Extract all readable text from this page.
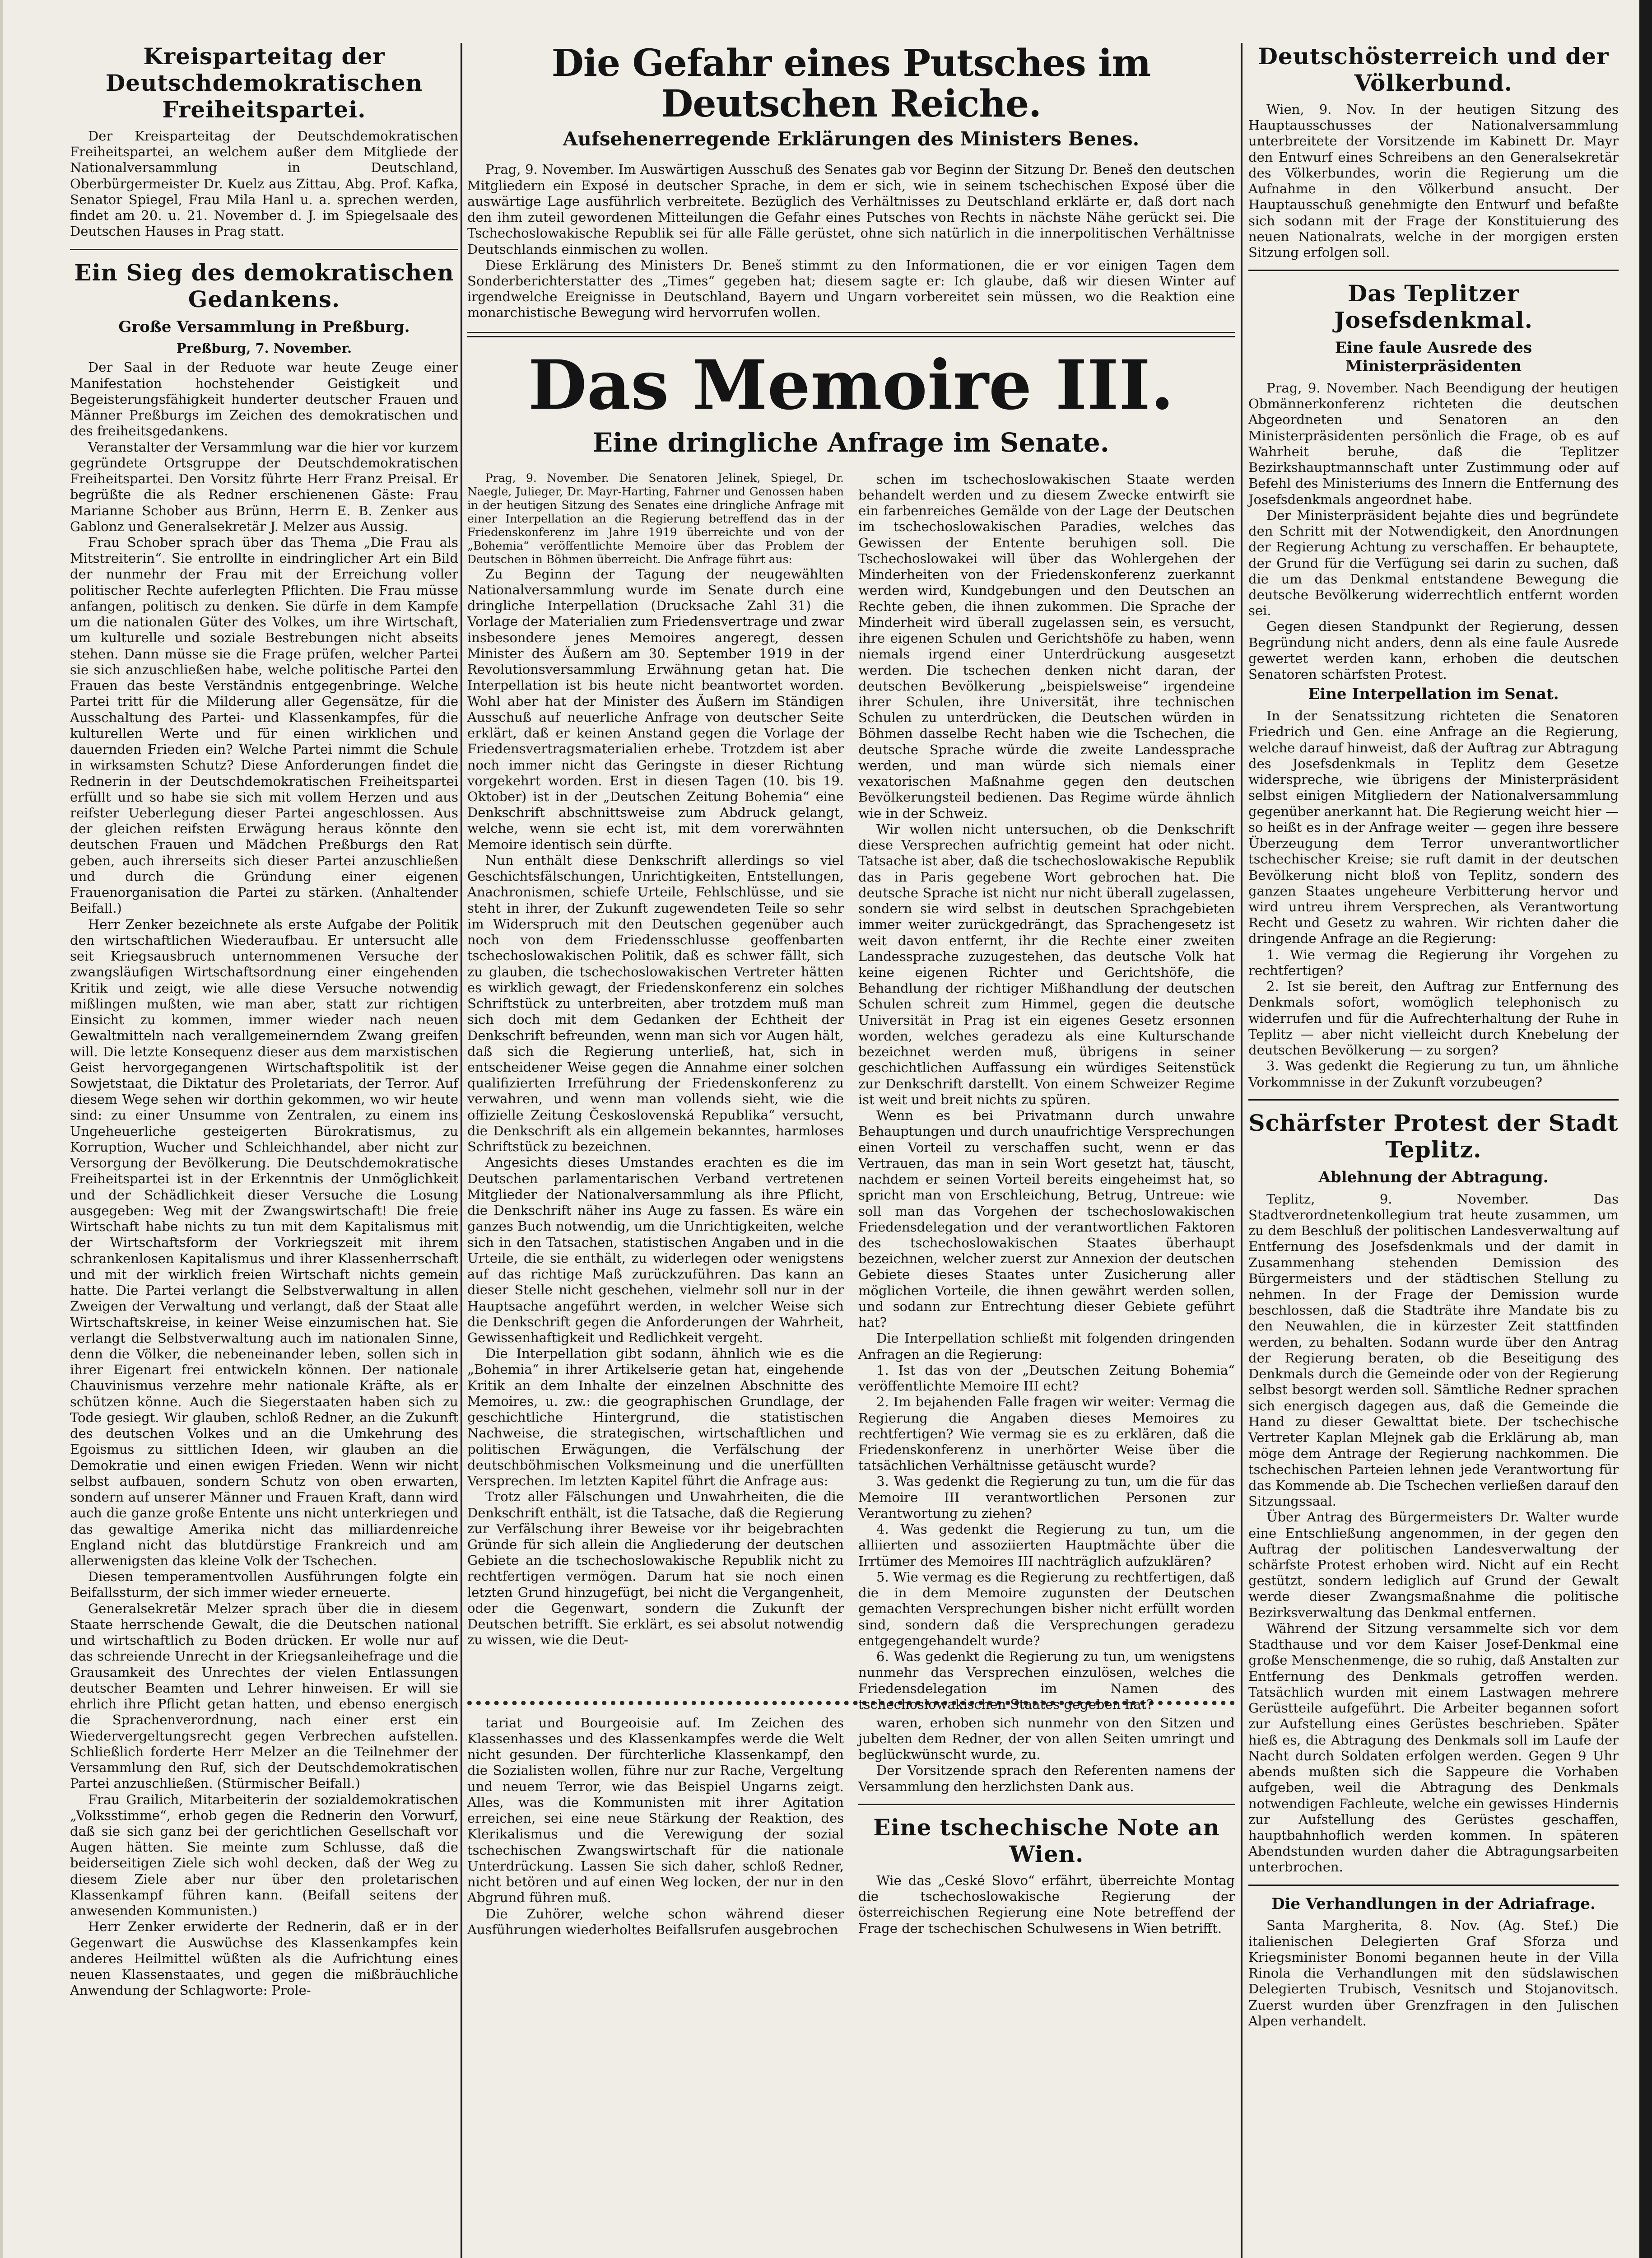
Kreisparteitag der Deutschdemokratischen Freiheitspartei.

Der Kreisparteitag der Deutschdemokratischen Freiheitspartei, an welchem außer dem Mitgliede der Nationalversammlung in Deutschland, Oberbürgermeister Dr. Kuelz aus Zittau, Abg. Prof. Kafka, Senator Spiegel, Frau Mila Hanl u. a. sprechen werden, findet am 20. u. 21. November d. J. im Spiegelsaale des Deutschen Hauses in Prag statt.

Ein Sieg des demokratischen Gedankens.
Große Versammlung in Preßburg.
Preßburg, 7. November.

Der Saal in der Reduote war heute Zeuge einer Manifestation hochstehender Geistigkeit und Begeisterungsfähigkeit hunderter deutscher Frauen und Männer Preßburgs im Zeichen des demokratischen und des freiheitsgedankens.

Veranstalter der Versammlung war die hier vor kurzem gegründete Ortsgruppe der Deutschdemokratischen Freiheitspartei. Den Vorsitz führte Herr Franz Preisal. Er begrüßte die als Redner erschienenen Gäste: Frau Marianne Schober aus Brünn, Herrn E. B. Zenker aus Gablonz und Generalsekretär J. Melzer aus Aussig.

Frau Schober sprach über das Thema „Die Frau als Mitstreiterin“. Sie entrollte in eindringlicher Art ein Bild der nunmehr der Frau mit der Erreichung voller politischer Rechte auferlegten Pflichten. Die Frau müsse anfangen, politisch zu denken. Sie dürfe in dem Kampfe um die nationalen Güter des Volkes, um ihre Wirtschaft, um kulturelle und soziale Bestrebungen nicht abseits stehen. Dann müsse sie die Frage prüfen, welcher Partei sie sich anzuschließen habe, welche politische Partei den Frauen das beste Verständnis entgegenbringe. Welche Partei tritt für die Milderung aller Gegensätze, für die Ausschaltung des Partei- und Klassenkampfes, für die kulturellen Werte und für einen wirklichen und dauernden Frieden ein? Welche Partei nimmt die Schule in wirksamsten Schutz? Diese Anforderungen findet die Rednerin in der Deutschdemokratischen Freiheitspartei erfüllt und so habe sie sich mit vollem Herzen und aus reifster Ueberlegung dieser Partei angeschlossen. Aus der gleichen reifsten Erwägung heraus könnte den deutschen Frauen und Mädchen Preßburgs den Rat geben, auch ihrerseits sich dieser Partei anzuschließen und durch die Gründung einer eigenen Frauenorganisation die Partei zu stärken. (Anhaltender Beifall.)

Herr Zenker bezeichnete als erste Aufgabe der Politik den wirtschaftlichen Wiederaufbau. Er untersucht alle seit Kriegsausbruch unternommenen Versuche der zwangsläufigen Wirtschaftsordnung einer eingehenden Kritik und zeigt, wie alle diese Versuche notwendig mißlingen mußten, wie man aber, statt zur richtigen Einsicht zu kommen, immer wieder nach neuen Gewaltmitteln nach verallgemeinerndem Zwang greifen will. Die letzte Konsequenz dieser aus dem marxistischen Geist hervorgegangenen Wirtschaftspolitik ist der Sowjetstaat, die Diktatur des Proletariats, der Terror. Auf diesem Wege sehen wir dorthin gekommen, wo wir heute sind: zu einer Unsumme von Zentralen, zu einem ins Ungeheuerliche gesteigerten Bürokratismus, zu Korruption, Wucher und Schleichhandel, aber nicht zur Versorgung der Bevölkerung. Die Deutschdemokratische Freiheitspartei ist in der Erkenntnis der Unmöglichkeit und der Schädlichkeit dieser Versuche die Losung ausgegeben: Weg mit der Zwangswirtschaft! Die freie Wirtschaft habe nichts zu tun mit dem Kapitalismus mit der Wirtschaftsform der Vorkriegszeit mit ihrem schrankenlosen Kapitalismus und ihrer Klassenherrschaft und mit der wirklich freien Wirtschaft nichts gemein hatte. Die Partei verlangt die Selbstverwaltung in allen Zweigen der Verwaltung und verlangt, daß der Staat alle Wirtschaftskreise, in keiner Weise einzumischen hat. Sie verlangt die Selbstverwaltung auch im nationalen Sinne, denn die Völker, die nebeneinander leben, sollen sich in ihrer Eigenart frei entwickeln können. Der nationale Chauvinismus verzehre mehr nationale Kräfte, als er schützen könne. Auch die Siegerstaaten haben sich zu Tode gesiegt. Wir glauben, schloß Redner, an die Zukunft des deutschen Volkes und an die Umkehrung des Egoismus zu sittlichen Ideen, wir glauben an die Demokratie und einen ewigen Frieden. Wenn wir nicht selbst aufbauen, sondern Schutz von oben erwarten, sondern auf unserer Männer und Frauen Kraft, dann wird auch die ganze große Entente uns nicht unterkriegen und das gewaltige Amerika nicht das milliardenreiche England nicht das blutdürstige Frankreich und am allerwenigsten das kleine Volk der Tschechen.

Diesen temperamentvollen Ausführungen folgte ein Beifallssturm, der sich immer wieder erneuerte.

Generalsekretär Melzer sprach über die in diesem Staate herrschende Gewalt, die die Deutschen national und wirtschaftlich zu Boden drücken. Er wolle nur auf das schreiende Unrecht in der Kriegsanleihefrage und die Grausamkeit des Unrechtes der vielen Entlassungen deutscher Beamten und Lehrer hinweisen. Er will sie ehrlich ihre Pflicht getan hatten, und ebenso energisch die Sprachenverordnung, nach einer erst ein Wiedervergeltungsrecht gegen Verbrechen aufstellen. Schließlich forderte Herr Melzer an die Teilnehmer der Versammlung den Ruf, sich der Deutschdemokratischen Partei anzuschließen. (Stürmischer Beifall.)

Frau Grailich, Mitarbeiterin der sozialdemokratischen „Volksstimme“, erhob gegen die Rednerin den Vorwurf, daß sie sich ganz bei der gerichtlichen Gesellschaft vor Augen hätten. Sie meinte zum Schlusse, daß die beiderseitigen Ziele sich wohl decken, daß der Weg zu diesem Ziele aber nur über den proletarischen Klassenkampf führen kann. (Beifall seitens der anwesenden Kommunisten.)

Herr Zenker erwiderte der Rednerin, daß er in der Gegenwart die Auswüchse des Klassenkampfes kein anderes Heilmittel wüßten als die Aufrichtung eines neuen Klassenstaates, und gegen die mißbräuchliche Anwendung der Schlagworte: Prole-

Die Gefahr eines Putsches im Deutschen Reiche.
Aufsehenerregende Erklärungen des Ministers Benes.

Prag, 9. November. Im Auswärtigen Ausschuß des Senates gab vor Beginn der Sitzung Dr. Beneš den deutschen Mitgliedern ein Exposé in deutscher Sprache, in dem er sich, wie in seinem tschechischen Exposé über die auswärtige Lage ausführlich verbreitete. Bezüglich des Verhältnisses zu Deutschland erklärte er, daß dort nach den ihm zuteil gewordenen Mitteilungen die Gefahr eines Putsches von Rechts in nächste Nähe gerückt sei. Die Tschechoslowakische Republik sei für alle Fälle gerüstet, ohne sich natürlich in die innerpolitischen Verhältnisse Deutschlands einmischen zu wollen.

Diese Erklärung des Ministers Dr. Beneš stimmt zu den Informationen, die er vor einigen Tagen dem Sonderberichterstatter des „Times“ gegeben hat; diesem sagte er: Ich glaube, daß wir diesen Winter auf irgendwelche Ereignisse in Deutschland, Bayern und Ungarn vorbereitet sein müssen, wo die Reaktion eine monarchistische Bewegung wird hervorrufen wollen.

Das Memoire III.
Eine dringliche Anfrage im Senate.

Prag, 9. November. Die Senatoren Jelinek, Spiegel, Dr. Naegle, Julieger, Dr. Mayr-Harting, Fahrner und Genossen haben in der heutigen Sitzung des Senates eine dringliche Anfrage mit einer Interpellation an die Regierung betreffend das in der Friedenskonferenz im Jahre 1919 überreichte und von der „Bohemia“ veröffentlichte Memoire über das Problem der Deutschen in Böhmen überreicht. Die Anfrage führt aus:

Zu Beginn der Tagung der neugewählten Nationalversammlung wurde im Senate durch eine dringliche Interpellation (Drucksache Zahl 31) die Vorlage der Materialien zum Friedensvertrage und zwar insbesondere jenes Memoires angeregt, dessen Minister des Äußern am 30. September 1919 in der Revolutionsversammlung Erwähnung getan hat. Die Interpellation ist bis heute nicht beantwortet worden. Wohl aber hat der Minister des Äußern im Ständigen Ausschuß auf neuerliche Anfrage von deutscher Seite erklärt, daß er keinen Anstand gegen die Vorlage der Friedensvertragsmaterialien erhebe. Trotzdem ist aber noch immer nicht das Geringste in dieser Richtung vorgekehrt worden. Erst in diesen Tagen (10. bis 19. Oktober) ist in der „Deutschen Zeitung Bohemia“ eine Denkschrift abschnittsweise zum Abdruck gelangt, welche, wenn sie echt ist, mit dem vorerwähnten Memoire identisch sein dürfte.

Nun enthält diese Denkschrift allerdings so viel Geschichtsfälschungen, Unrichtigkeiten, Entstellungen, Anachronismen, schiefe Urteile, Fehlschlüsse, und sie steht in ihrer, der Zukunft zugewendeten Teile so sehr im Widerspruch mit den Deutschen gegenüber auch noch von dem Friedensschlusse geoffenbarten tschechoslowakischen Politik, daß es schwer fällt, sich zu glauben, die tschechoslowakischen Vertreter hätten es wirklich gewagt, der Friedenskonferenz ein solches Schriftstück zu unterbreiten, aber trotzdem muß man sich doch mit dem Gedanken der Echtheit der Denkschrift befreunden, wenn man sich vor Augen hält, daß sich die Regierung unterließ, hat, sich in entscheidener Weise gegen die Annahme einer solchen qualifizierten Irreführung der Friedenskonferenz zu verwahren, und wenn man vollends sieht, wie die offizielle Zeitung Československá Republika“ versucht, die Denkschrift als ein allgemein bekanntes, harmloses Schriftstück zu bezeichnen.

Angesichts dieses Umstandes erachten es die im Deutschen parlamentarischen Verband vertretenen Mitglieder der Nationalversammlung als ihre Pflicht, die Denkschrift näher ins Auge zu fassen. Es wäre ein ganzes Buch notwendig, um die Unrichtigkeiten, welche sich in den Tatsachen, statistischen Angaben und in die Urteile, die sie enthält, zu widerlegen oder wenigstens auf das richtige Maß zurückzuführen. Das kann an dieser Stelle nicht geschehen, vielmehr soll nur in der Hauptsache angeführt werden, in welcher Weise sich die Denkschrift gegen die Anforderungen der Wahrheit, Gewissenhaftigkeit und Redlichkeit vergeht.

Die Interpellation gibt sodann, ähnlich wie es die „Bohemia“ in ihrer Artikelserie getan hat, eingehende Kritik an dem Inhalte der einzelnen Abschnitte des Memoires, u. zw.: die geographischen Grundlage, der geschichtliche Hintergrund, die statistischen Nachweise, die strategischen, wirtschaftlichen und politischen Erwägungen, die Verfälschung der deutschböhmischen Volksmeinung und die unerfüllten Versprechen. Im letzten Kapitel führt die Anfrage aus:

Trotz aller Fälschungen und Unwahrheiten, die die Denkschrift enthält, ist die Tatsache, daß die Regierung zur Verfälschung ihrer Beweise vor ihr beigebrachten Gründe für sich allein die Angliederung der deutschen Gebiete an die tschechoslowakische Republik nicht zu rechtfertigen vermögen. Darum hat sie noch einen letzten Grund hinzugefügt, bei nicht die Vergangenheit, oder die Gegenwart, sondern die Zukunft der Deutschen betrifft. Sie erklärt, es sei absolut notwendig zu wissen, wie die Deut-

schen im tschechoslowakischen Staate werden behandelt werden und zu diesem Zwecke entwirft sie ein farbenreiches Gemälde von der Lage der Deutschen im tschechoslowakischen Paradies, welches das Gewissen der Entente beruhigen soll. Die Tschechoslowakei will über das Wohlergehen der Minderheiten von der Friedenskonferenz zuerkannt werden wird, Kundgebungen und den Deutschen an Rechte geben, die ihnen zukommen. Die Sprache der Minderheit wird überall zugelassen sein, es versucht, ihre eigenen Schulen und Gerichtshöfe zu haben, wenn niemals irgend einer Unterdrückung ausgesetzt werden. Die tschechen denken nicht daran, der deutschen Bevölkerung „beispielsweise“ irgendeine ihrer Schulen, ihre Universität, ihre technischen Schulen zu unterdrücken, die Deutschen würden in Böhmen dasselbe Recht haben wie die Tschechen, die deutsche Sprache würde die zweite Landessprache werden, und man würde sich niemals einer vexatorischen Maßnahme gegen den deutschen Bevölkerungsteil bedienen. Das Regime würde ähnlich wie in der Schweiz.

Wir wollen nicht untersuchen, ob die Denkschrift diese Versprechen aufrichtig gemeint hat oder nicht. Tatsache ist aber, daß die tschechoslowakische Republik das in Paris gegebene Wort gebrochen hat. Die deutsche Sprache ist nicht nur nicht überall zugelassen, sondern sie wird selbst in deutschen Sprachgebieten immer weiter zurückgedrängt, das Sprachengesetz ist weit davon entfernt, ihr die Rechte einer zweiten Landessprache zuzugestehen, das deutsche Volk hat keine eigenen Richter und Gerichtshöfe, die Behandlung der richtiger Mißhandlung der deutschen Schulen schreit zum Himmel, gegen die deutsche Universität in Prag ist ein eigenes Gesetz ersonnen worden, welches geradezu als eine Kulturschande bezeichnet werden muß, übrigens in seiner geschichtlichen Auffassung ein würdiges Seitenstück zur Denkschrift darstellt. Von einem Schweizer Regime ist weit und breit nichts zu spüren.

Wenn es bei Privatmann durch unwahre Behauptungen und durch unaufrichtige Versprechungen einen Vorteil zu verschaffen sucht, wenn er das Vertrauen, das man in sein Wort gesetzt hat, täuscht, nachdem er seinen Vorteil bereits eingeheimst hat, so spricht man von Erschleichung, Betrug, Untreue: wie soll man das Vorgehen der tschechoslowakischen Friedensdelegation und der verantwortlichen Faktoren des tschechoslowakischen Staates überhaupt bezeichnen, welcher zuerst zur Annexion der deutschen Gebiete dieses Staates unter Zusicherung aller möglichen Vorteile, die ihnen gewährt werden sollen, und sodann zur Entrechtung dieser Gebiete geführt hat?

Die Interpellation schließt mit folgenden dringenden Anfragen an die Regierung:

1. Ist das von der „Deutschen Zeitung Bohemia“ veröffentlichte Memoire III echt?

2. Im bejahenden Falle fragen wir weiter: Vermag die Regierung die Angaben dieses Memoires zu rechtfertigen? Wie vermag sie es zu erklären, daß die Friedenskonferenz in unerhörter Weise über die tatsächlichen Verhältnisse getäuscht wurde?

3. Was gedenkt die Regierung zu tun, um die für das Memoire III verantwortlichen Personen zur Verantwortung zu ziehen?

4. Was gedenkt die Regierung zu tun, um die alliierten und assoziierten Hauptmächte über die Irrtümer des Memoires III nachträglich aufzuklären?

5. Wie vermag es die Regierung zu rechtfertigen, daß die in dem Memoire zugunsten der Deutschen gemachten Versprechungen bisher nicht erfüllt worden sind, sondern daß die Versprechungen geradezu entgegengehandelt wurde?

6. Was gedenkt die Regierung zu tun, um wenigstens nunmehr das Versprechen einzulösen, welches die Friedensdelegation im Namen des tschechoslowakischen Staates gegeben hat?

tariat und Bourgeoisie auf. Im Zeichen des Klassenhasses und des Klassenkampfes werde die Welt nicht gesunden. Der fürchterliche Klassenkampf, den die Sozialisten wollen, führe nur zur Rache, Vergeltung und neuem Terror, wie das Beispiel Ungarns zeigt. Alles, was die Kommunisten mit ihrer Agitation erreichen, sei eine neue Stärkung der Reaktion, des Klerikalismus und die Verewigung der sozial tschechischen Zwangswirtschaft für die nationale Unterdrückung. Lassen Sie sich daher, schloß Redner, nicht betören und auf einen Weg locken, der nur in den Abgrund führen muß.

Die Zuhörer, welche schon während dieser Ausführungen wiederholtes Beifallsrufen ausgebrochen

waren, erhoben sich nunmehr von den Sitzen und jubelten dem Redner, der von allen Seiten umringt und beglückwünscht wurde, zu.

Der Vorsitzende sprach den Referenten namens der Versammlung den herzlichsten Dank aus.

Eine tschechische Note an Wien.

Wie das „Ceské Slovo“ erfährt, überreichte Montag die tschechoslowakische Regierung der österreichischen Regierung eine Note betreffend der Frage der tschechischen Schulwesens in Wien betrifft.

Deutschösterreich und der Völkerbund.

Wien, 9. Nov. In der heutigen Sitzung des Hauptausschusses der Nationalversammlung unterbreitete der Vorsitzende im Kabinett Dr. Mayr den Entwurf eines Schreibens an den Generalsekretär des Völkerbundes, worin die Regierung um die Aufnahme in den Völkerbund ansucht. Der Hauptausschuß genehmigte den Entwurf und befaßte sich sodann mit der Frage der Konstituierung des neuen Nationalrats, welche in der morgigen ersten Sitzung erfolgen soll.

Das Teplitzer Josefsdenkmal.
Eine faule Ausrede des Ministerpräsidenten

Prag, 9. November. Nach Beendigung der heutigen Obmännerkonferenz richteten die deutschen Abgeordneten und Senatoren an den Ministerpräsidenten persönlich die Frage, ob es auf Wahrheit beruhe, daß die Teplitzer Bezirkshauptmannschaft unter Zustimmung oder auf Befehl des Ministeriums des Innern die Entfernung des Josefsdenkmals angeordnet habe.

Der Ministerpräsident bejahte dies und begründete den Schritt mit der Notwendigkeit, den Anordnungen der Regierung Achtung zu verschaffen. Er behauptete, der Grund für die Verfügung sei darin zu suchen, daß die um das Denkmal entstandene Bewegung die deutsche Bevölkerung widerrechtlich entfernt worden sei.

Gegen diesen Standpunkt der Regierung, dessen Begründung nicht anders, denn als eine faule Ausrede gewertet werden kann, erhoben die deutschen Senatoren schärfsten Protest.

Eine Interpellation im Senat.

In der Senatssitzung richteten die Senatoren Friedrich und Gen. eine Anfrage an die Regierung, welche darauf hinweist, daß der Auftrag zur Abtragung des Josefsdenkmals in Teplitz dem Gesetze widerspreche, wie übrigens der Ministerpräsident selbst einigen Mitgliedern der Nationalversammlung gegenüber anerkannt hat. Die Regierung weicht hier — so heißt es in der Anfrage weiter — gegen ihre bessere Überzeugung dem Terror unverantwortlicher tschechischer Kreise; sie ruft damit in der deutschen Bevölkerung nicht bloß von Teplitz, sondern des ganzen Staates ungeheure Verbitterung hervor und wird untreu ihrem Versprechen, als Verantwortung Recht und Gesetz zu wahren. Wir richten daher die dringende Anfrage an die Regierung:

1. Wie vermag die Regierung ihr Vorgehen zu rechtfertigen?

2. Ist sie bereit, den Auftrag zur Entfernung des Denkmals sofort, womöglich telephonisch zu widerrufen und für die Aufrechterhaltung der Ruhe in Teplitz — aber nicht vielleicht durch Knebelung der deutschen Bevölkerung — zu sorgen?

3. Was gedenkt die Regierung zu tun, um ähnliche Vorkommnisse in der Zukunft vorzubeugen?

Schärfster Protest der Stadt Teplitz.
Ablehnung der Abtragung.

Teplitz, 9. November. Das Stadtverordnetenkollegium trat heute zusammen, um zu dem Beschluß der politischen Landesverwaltung auf Entfernung des Josefsdenkmals und der damit in Zusammenhang stehenden Demission des Bürgermeisters und der städtischen Stellung zu nehmen. In der Frage der Demission wurde beschlossen, daß die Stadträte ihre Mandate bis zu den Neuwahlen, die in kürzester Zeit stattfinden werden, zu behalten. Sodann wurde über den Antrag der Regierung beraten, ob die Beseitigung des Denkmals durch die Gemeinde oder von der Regierung selbst besorgt werden soll. Sämtliche Redner sprachen sich energisch dagegen aus, daß die Gemeinde die Hand zu dieser Gewalttat biete. Der tschechische Vertreter Kaplan Mlejnek gab die Erklärung ab, man möge dem Antrage der Regierung nachkommen. Die tschechischen Parteien lehnen jede Verantwortung für das Kommende ab. Die Tschechen verließen darauf den Sitzungssaal.

Über Antrag des Bürgermeisters Dr. Walter wurde eine Entschließung angenommen, in der gegen den Auftrag der politischen Landesverwaltung der schärfste Protest erhoben wird. Nicht auf ein Recht gestützt, sondern lediglich auf Grund der Gewalt werde dieser Zwangsmaßnahme die politische Bezirksverwaltung das Denkmal entfernen.

Während der Sitzung versammelte sich vor dem Stadthause und vor dem Kaiser Josef-Denkmal eine große Menschenmenge, die so ruhig, daß Anstalten zur Entfernung des Denkmals getroffen werden. Tatsächlich wurden mit einem Lastwagen mehrere Gerüstteile aufgeführt. Die Arbeiter begannen sofort zur Aufstellung eines Gerüstes beschrieben. Später hieß es, die Abtragung des Denkmals soll im Laufe der Nacht durch Soldaten erfolgen werden. Gegen 9 Uhr abends mußten sich die Sappeure die Vorhaben aufgeben, weil die Abtragung des Denkmals notwendigen Fachleute, welche ein gewisses Hindernis zur Aufstellung des Gerüstes geschaffen, hauptbahnhoflich werden kommen. In späteren Abendstunden wurden daher die Abtragungsarbeiten unterbrochen.

Die Verhandlungen in der Adriafrage.

Santa Margherita, 8. Nov. (Ag. Stef.) Die italienischen Delegierten Graf Sforza und Kriegsminister Bonomi begannen heute in der Villa Rinola die Verhandlungen mit den südslawischen Delegierten Trubisch, Vesnitsch und Stojanovitsch. Zuerst wurden über Grenzfragen in den Julischen Alpen verhandelt.
